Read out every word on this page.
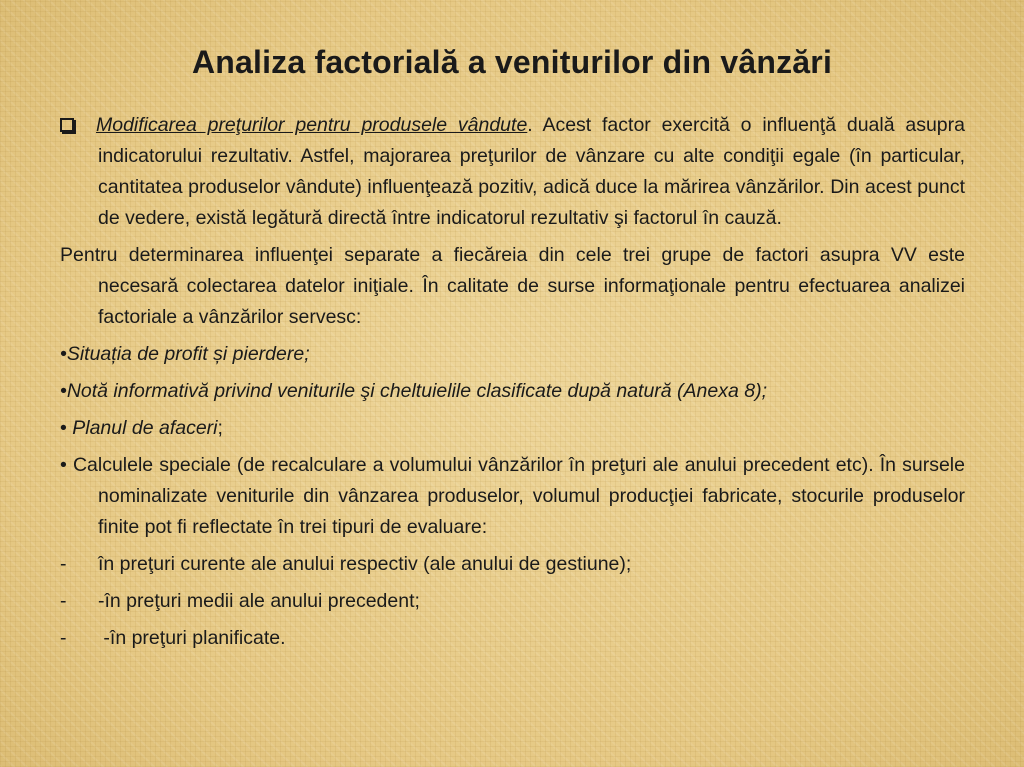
Analiza factorială a veniturilor din vânzări

Modificarea preţurilor pentru produsele vândute. Acest factor exercită o influenţă duală asupra indicatorului rezultativ. Astfel, majorarea preţurilor de vânzare cu alte condiţii egale (în particular, cantitatea produselor vândute) influenţează pozitiv, adică duce la mărirea vânzărilor. Din acest punct de vedere, există legătură directă între indicatorul rezultativ şi factorul în cauză.

Pentru determinarea influenţei separate a fiecăreia din cele trei grupe de factori asupra VV este necesară colectarea datelor iniţiale. În calitate de surse informaţionale pentru efectuarea analizei factoriale a vânzărilor servesc:

•Situația de profit și pierdere;

•Notă informativă privind veniturile şi cheltuielile clasificate după natură (Anexa 8);

• Planul de afaceri;

• Calculele speciale (de recalculare a volumului vânzărilor în preţuri ale anului precedent etc). În sursele nominalizate veniturile din vânzarea produselor, volumul producţiei fabricate, stocurile produselor finite pot fi reflectate în trei tipuri de evaluare:

-	în preţuri curente ale anului respectiv (ale anului de gestiune);
-	-în preţuri medii ale anului precedent;
-	-în preţuri planificate.
